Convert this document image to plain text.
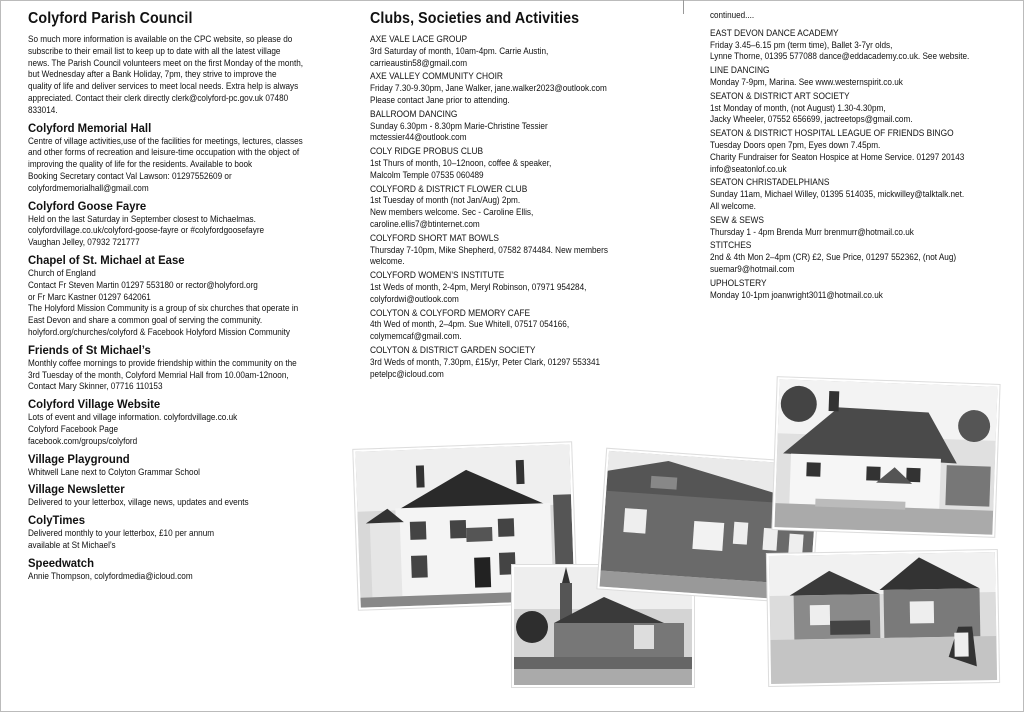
Colyford Parish Council
So much more information is available on the CPC website, so please do
subscribe to their email list to keep up to date with all the latest village
news. The Parish Council volunteers meet on the first Monday of the month,
but Wednesday after a Bank Holiday, 7pm, they strive to improve the
quality of life and deliver services to meet local needs. Extra help is always
appreciated. Contact their clerk directly clerk@colyford-pc.gov.uk 07480
833014.
Colyford Memorial Hall
Centre of village activities,use of the facilities for meetings, lectures, classes
and other forms of recreation and leisure-time occupation with the object of
improving the quality of life for the residents. Available to book
Booking Secretary contact Val Lawson: 01297552609 or
colyfordmemorialhall@gmail.com
Colyford Goose Fayre
Held on the last Saturday in September closest to Michaelmas.
colyfordvillage.co.uk/colyford-goose-fayre or #colyfordgoosefayre
Vaughan Jelley, 07932 721777
Chapel of St. Michael at Ease
Church of England
Contact Fr Steven Martin 01297 553180 or rector@holyford.org
or Fr Marc Kastner 01297 642061
The Holyford Mission Community is a group of six churches that operate in
East Devon and share a common goal of serving the community.
holyford.org/churches/colyford & Facebook Holyford Mission Community
Friends of St Michael’s
Monthly coffee mornings to provide friendship within the community on the
3rd Tuesday of the month, Colyford Memrial Hall from 10.00am-12noon,
Contact Mary Skinner, 07716 110153
Colyford Village Website
Lots of event and village information. colyfordvillage.co.uk
Colyford Facebook Page
facebook.com/groups/colyford
Village Playground
Whitwell Lane next to Colyton Grammar School
Village Newsletter
Delivered to your letterbox, village news, updates and events
ColyTimes
Delivered monthly to your letterbox, £10 per annum
available at St Michael’s
Speedwatch
Annie Thompson, colyfordmedia@icloud.com
Clubs, Societies and Activities
AXE VALE LACE GROUP
3rd Saturday of month, 10am-4pm. Carrie Austin,
carrieaustin58@gmail.com
AXE VALLEY COMMUNITY CHOIR
Friday 7.30-9.30pm, Jane Walker, jane.walker2023@outlook.com
Please contact Jane prior to attending.
BALLROOM DANCING
Sunday 6.30pm - 8.30pm Marie-Christine Tessier
mctessier44@outlook.com
COLY RIDGE PROBUS CLUB
1st Thurs of month, 10–12noon, coffee & speaker,
Malcolm Temple 07535 060489
COLYFORD & DISTRICT FLOWER CLUB
1st Tuesday of month (not Jan/Aug) 2pm.
New members welcome. Sec - Caroline Ellis,
caroline.ellis7@btinternet.com
COLYFORD SHORT MAT BOWLS
Thursday 7-10pm, Mike Shepherd, 07582 874484. New members
welcome.
COLYFORD WOMEN’S INSTITUTE
1st Weds of month, 2-4pm, Meryl Robinson, 07971 954284,
colyfordwi@outlook.com
COLYTON & COLYFORD MEMORY CAFE
4th Wed of month, 2–4pm. Sue Whitell, 07517 054166,
colymemcaf@gmail.com.
COLYTON & DISTRICT GARDEN SOCIETY
3rd Weds of month, 7.30pm, £15/yr, Peter Clark, 01297 553341
petelpc@icloud.com
continued....
EAST DEVON DANCE ACADEMY
Friday 3.45–6.15 pm (term time), Ballet 3-7yr olds,
Lynne Thorne, 01395 577088 dance@eddacademy.co.uk. See website.
LINE DANCING
Monday 7-9pm, Marina. See www.westernspirit.co.uk
SEATON & DISTRICT ART SOCIETY
1st Monday of month, (not August) 1.30-4.30pm,
Jacky Wheeler, 07552 656699, jactreetops@gmail.com.
SEATON & DISTRICT HOSPITAL LEAGUE OF FRIENDS BINGO
Tuesday Doors open 7pm, Eyes down 7.45pm.
Charity Fundraiser for Seaton Hospice at Home Service. 01297 20143
info@seatonlof.co.uk
SEATON CHRISTADELPHIANS
Sunday 11am, Michael Willey, 01395 514035, mickwilley@talktalk.net.
All welcome.
SEW & SEWS
Thursday 1 - 4pm Brenda Murr brenmurr@hotmail.co.uk
STITCHES
2nd & 4th Mon 2–4pm (CR) £2, Sue Price, 01297 552362, (not Aug)
suemar9@hotmail.com
UPHOLSTERY
Monday 10-1pm joanwright3011@hotmail.co.uk
